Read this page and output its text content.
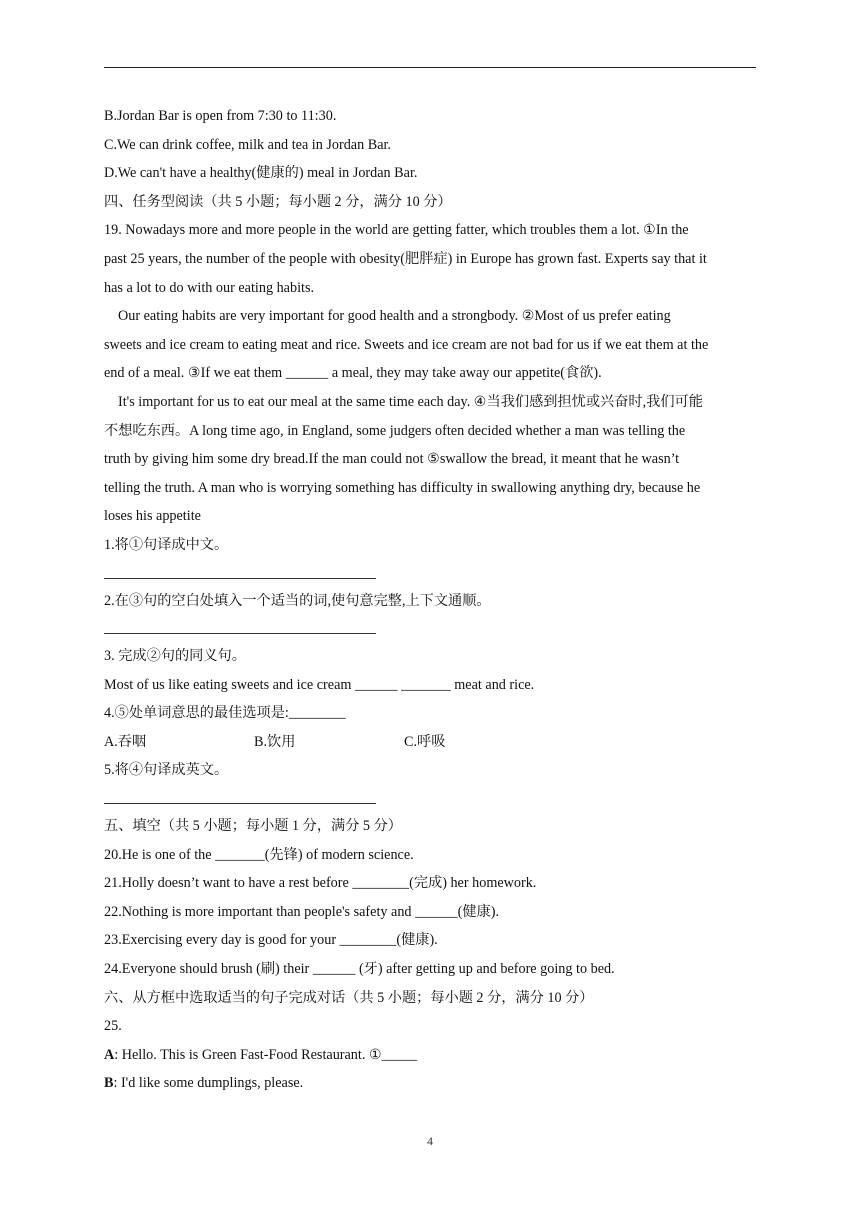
B.Jordan Bar is open from 7:30 to 11:30.
C.We can drink coffee, milk and tea in Jordan Bar.
D.We can't have a healthy(健康的) meal in Jordan Bar.
四、任务型阅读（共 5 小题；每小题 2 分，满分 10 分）
19. Nowadays more and more people in the world are getting fatter, which troubles them a lot. ①In the
past 25 years, the number of the people with obesity(肥胖症) in Europe has grown fast. Experts say that it
has a lot to do with our eating habits.
Our eating habits are very important for good health and a strongbody. ②Most of us prefer eating
sweets and ice cream to eating meat and rice. Sweets and ice cream are not bad for us if we eat them at the
end of a meal. ③If we eat them ______ a meal, they may take away our appetite(食欲).
It's important for us to eat our meal at the same time each day. ④当我们感到担忧或兴奋时,我们可能
不想吃东西。A long time ago, in England, some judgers often decided whether a man was telling the
truth by giving him some dry bread.If the man could not ⑤swallow the bread, it meant that he wasn’t
telling the truth. A man who is worrying something has difficulty in swallowing anything dry, because he
loses his appetite
1.将①句译成中文。
2.在③句的空白处填入一个适当的词,使句意完整,上下文通顺。
3. 完成②句的同义句。
Most of us like eating sweets and ice cream ______ _______ meat and rice.
4.⑤处单词意思的最佳选项是:________
A.吞咽	B.饮用	C.呼吸
5.将④句译成英文。
五、填空（共 5 小题；每小题 1 分，满分 5 分）
20.He is one of the _______(先锋) of modern science.
21.Holly doesn’t want to have a rest before ________(完成) her homework.
22.Nothing is more important than people's safety and ______(健康).
23.Exercising every day is good for your ________(健康).
24.Everyone should brush (刷) their ______ (牙) after getting up and before going to bed.
六、从方框中选取适当的句子完成对话（共 5 小题；每小题 2 分，满分 10 分）
25.
A: Hello. This is Green Fast-Food Restaurant. ①_____
B: I'd like some dumplings, please.
4
